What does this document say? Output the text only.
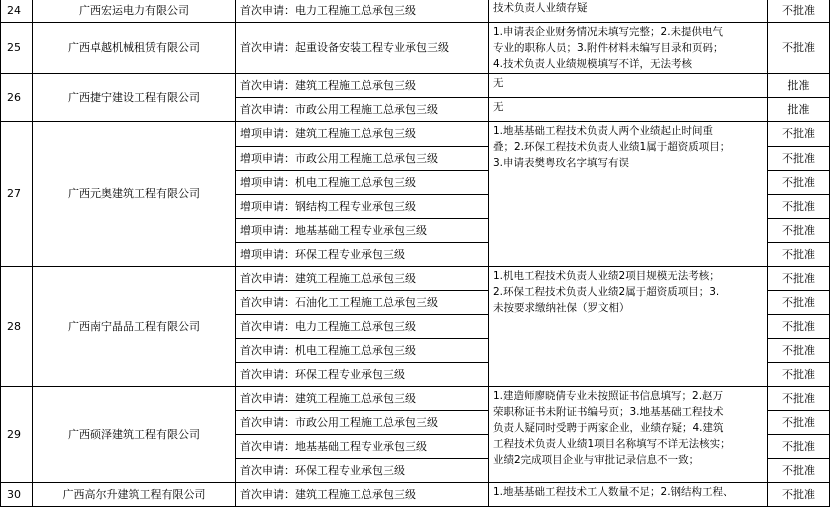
24	广西宏运电力有限公司	首次申请：电力工程施工总承包三级	技术负责人业绩存疑	不批准
25	广西卓越机械租赁有限公司	首次申请：起重设备安装工程专业承包三级	1.申请表企业财务情况未填写完整；2.未提供电气
专业的职称人员；3.附件材料未编写目录和页码；
4.技术负责人业绩规模填写不详，无法考核	不批准
26	广西捷宁建设工程有限公司	首次申请：建筑工程施工总承包三级	无	批准
		首次申请：市政公用工程施工总承包三级	无	批准
27	广西元奥建筑工程有限公司	增项申请：建筑工程施工总承包三级	1.地基基础工程技术负责人两个业绩起止时间重
叠；2.环保工程技术负责人业绩1属于超资质项目；
3.申请表樊粤玫名字填写有误	不批准
		增项申请：市政公用工程施工总承包三级		不批准
		增项申请：机电工程施工总承包三级		不批准
		增项申请：钢结构工程专业承包三级		不批准
		增项申请：地基基础工程专业承包三级		不批准
		增项申请：环保工程专业承包三级		不批准
28	广西南宁晶品工程有限公司	首次申请：建筑工程施工总承包三级	1.机电工程技术负责人业绩2项目规模无法考核；
2.环保工程技术负责人业绩2属于超资质项目；3.
未按要求缴纳社保（罗文相）	不批准
		首次申请：石油化工工程施工总承包三级		不批准
		首次申请：电力工程施工总承包三级		不批准
		首次申请：机电工程施工总承包三级		不批准
		首次申请：环保工程专业承包三级		不批准
29	广西硕泽建筑工程有限公司	首次申请：建筑工程施工总承包三级	1.建造师廖晓倩专业未按照证书信息填写；2.赵万
荣职称证书未附证书编号页；3.地基基础工程技术
负责人疑同时受聘于两家企业，业绩存疑；4.建筑
工程技术负责人业绩1项目名称填写不详无法核实；
业绩2完成项目企业与审批记录信息不一致；	不批准
		首次申请：市政公用工程施工总承包三级		不批准
		首次申请：地基基础工程专业承包三级		不批准
		首次申请：环保工程专业承包三级		不批准
30	广西高尔升建筑工程有限公司	首次申请：建筑工程施工总承包三级	1.地基基础工程技术工人数量不足；2.钢结构工程、	不批准
